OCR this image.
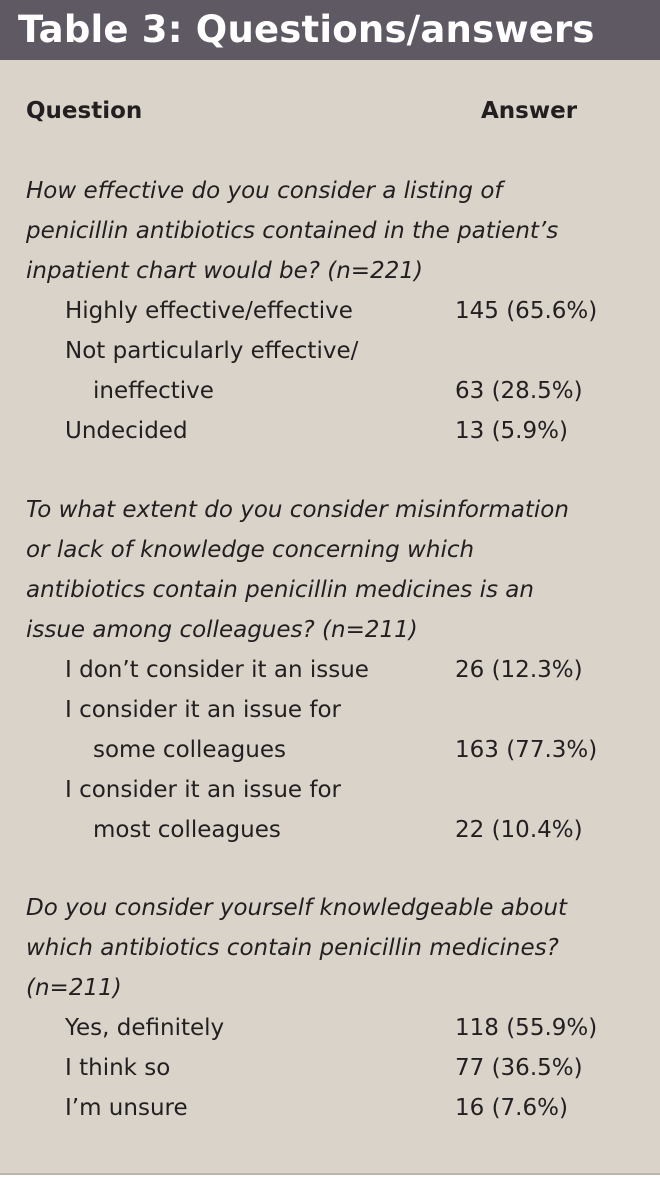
Table 3: Questions/answers
Question	Answer
How effective do you consider a listing of
penicillin antibiotics contained in the patient’s
inpatient chart would be? (n=221)
Highly effective/effective	145 (65.6%)
Not particularly effective/
ineffective	63 (28.5%)
Undecided	13 (5.9%)
To what extent do you consider misinformation
or lack of knowledge concerning which
antibiotics contain penicillin medicines is an
issue among colleagues? (n=211)
I don’t consider it an issue	26 (12.3%)
I consider it an issue for
some colleagues	163 (77.3%)
I consider it an issue for
most colleagues	22 (10.4%)
Do you consider yourself knowledgeable about
which antibiotics contain penicillin medicines?
(n=211)
Yes, definitely	118 (55.9%)
I think so	77 (36.5%)
I’m unsure	16 (7.6%)
